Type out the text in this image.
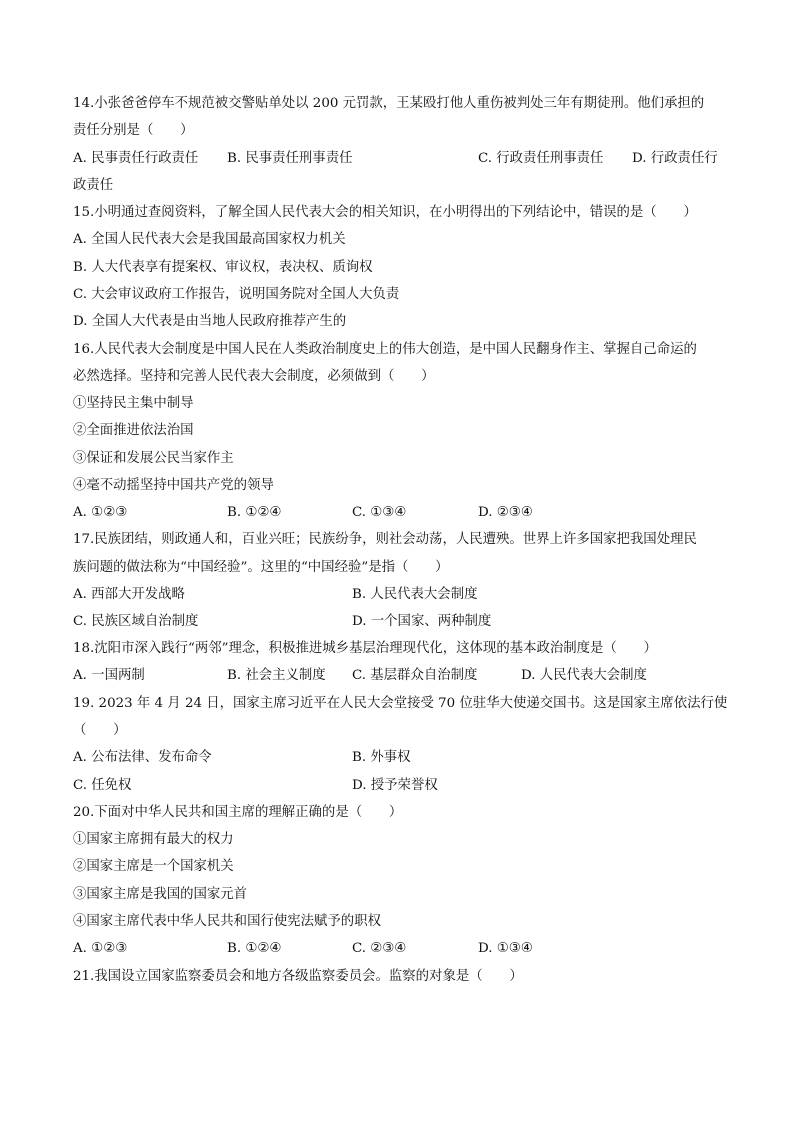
14.小张爸爸停车不规范被交警贴单处以 200 元罚款，王某殴打他人重伤被判处三年有期徒刑。他们承担的
责任分别是（　　）
A. 民事责任行政责任 B. 民事责任刑事责任	C. 行政责任刑事责任 D. 行政责任行
政责任
15.小明通过查阅资料，了解全国人民代表大会的相关知识，在小明得出的下列结论中，错误的是（　　）
A. 全国人民代表大会是我国最高国家权力机关
B. 人大代表享有提案权、审议权，表决权、质询权
C. 大会审议政府工作报告，说明国务院对全国人大负责
D. 全国人大代表是由当地人民政府推荐产生的
16.人民代表大会制度是中国人民在人类政治制度史上的伟大创造，是中国人民翻身作主、掌握自己命运的
必然选择。坚持和完善人民代表大会制度，必须做到（　　）
①坚持民主集中制导
②全面推进依法治国
③保证和发展公民当家作主
④毫不动摇坚持中国共产党的领导
A. ①②③	B. ①②④	C. ①③④	D. ②③④
17.民族团结，则政通人和，百业兴旺；民族纷争，则社会动荡，人民遭殃。世界上许多国家把我国处理民
族问题的做法称为“中国经验”。这里的“中国经验”是指（　　）
A. 西部大开发战略	B. 人民代表大会制度
C. 民族区域自治制度	D. 一个国家、两种制度
18.沈阳市深入践行“两邻”理念，积极推进城乡基层治理现代化，这体现的基本政治制度是（　　）
A. 一国两制	B. 社会主义制度 C. 基层群众自治制度	D. 人民代表大会制度
19. 2023 年 4 月 24 日，国家主席习近平在人民大会堂接受 70 位驻华大使递交国书。这是国家主席依法行使
（　　）
A. 公布法律、发布命令	B. 外事权
C. 任免权	D. 授予荣誉权
20.下面对中华人民共和国主席的理解正确的是（　　）
①国家主席拥有最大的权力
②国家主席是一个国家机关
③国家主席是我国的国家元首
④国家主席代表中华人民共和国行使宪法赋予的职权
A. ①②③	B. ①②④	C. ②③④	D. ①③④
21.我国设立国家监察委员会和地方各级监察委员会。监察的对象是（　　）
